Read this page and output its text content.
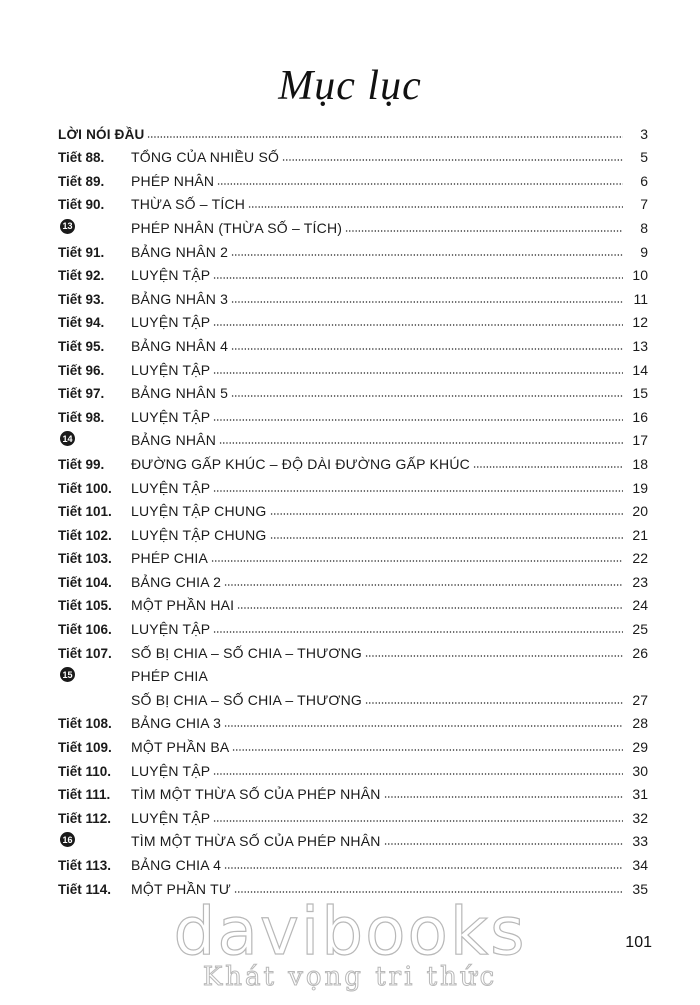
Mục lục
LỜI NÓI ĐẦU	3
Tiết 88.	TỔNG CỦA NHIỀU SỐ	5
Tiết 89.	PHÉP NHÂN	6
Tiết 90.	THỪA SỐ – TÍCH	7
13	PHÉP NHÂN (THỪA SỐ – TÍCH)	8
Tiết 91.	BẢNG NHÂN 2	9
Tiết 92.	LUYỆN TẬP	10
Tiết 93.	BẢNG NHÂN 3	11
Tiết 94.	LUYỆN TẬP	12
Tiết 95.	BẢNG NHÂN 4	13
Tiết 96.	LUYỆN TẬP	14
Tiết 97.	BẢNG NHÂN 5	15
Tiết 98.	LUYỆN TẬP	16
14	BẢNG NHÂN	17
Tiết 99.	ĐƯỜNG GẤP KHÚC – ĐỘ DÀI ĐƯỜNG GẤP KHÚC	18
Tiết 100.	LUYỆN TẬP	19
Tiết 101.	LUYỆN TẬP CHUNG	20
Tiết 102.	LUYỆN TẬP CHUNG	21
Tiết 103.	PHÉP CHIA	22
Tiết 104.	BẢNG CHIA 2	23
Tiết 105.	MỘT PHẦN HAI	24
Tiết 106.	LUYỆN TẬP	25
Tiết 107.	SỐ BỊ CHIA – SỐ CHIA – THƯƠNG	26
15	PHÉP CHIA
SỐ BỊ CHIA – SỐ CHIA – THƯƠNG	27
Tiết 108.	BẢNG CHIA 3	28
Tiết 109.	MỘT PHẦN BA	29
Tiết 110.	LUYỆN TẬP	30
Tiết 111.	TÌM MỘT THỪA SỐ CỦA PHÉP NHÂN	31
Tiết 112.	LUYỆN TẬP	32
16	TÌM MỘT THỪA SỐ CỦA PHÉP NHÂN	33
Tiết 113.	BẢNG CHIA 4	34
Tiết 114.	MỘT PHẦN TƯ	35
davibooks	101
Khát vọng tri thức
